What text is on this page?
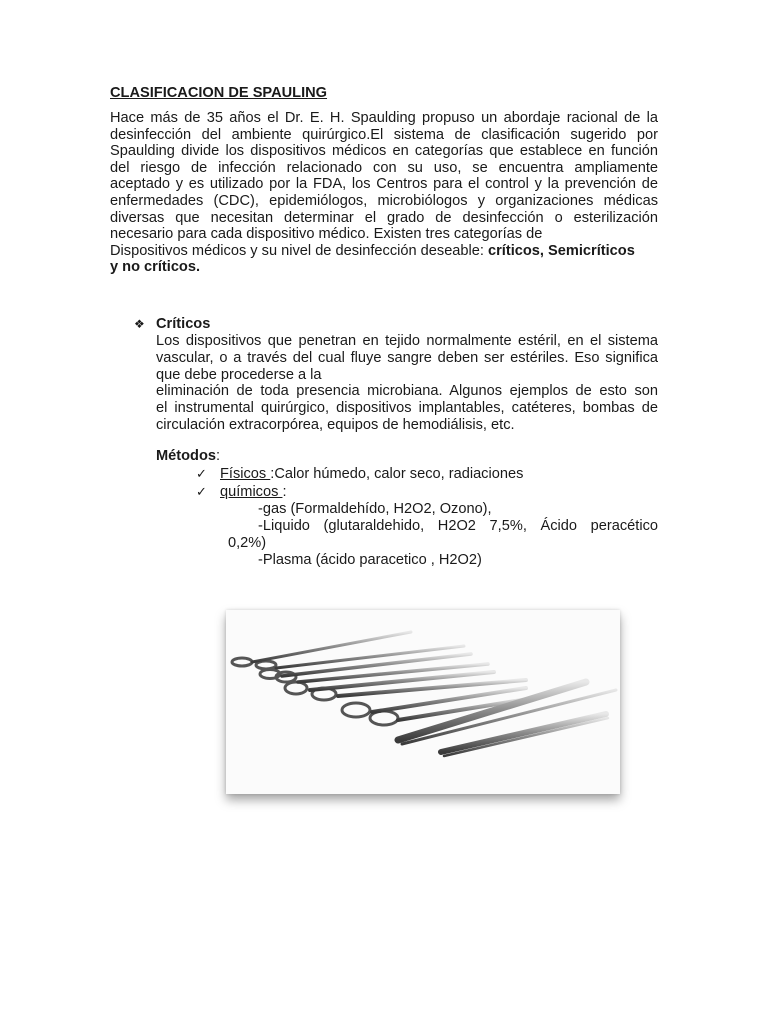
CLASIFICACION DE SPAULING

Hace más de 35 años el Dr. E. H. Spaulding propuso un abordaje racional de la
desinfección del ambiente quirúrgico.El sistema de clasificación sugerido por
Spaulding divide los dispositivos médicos en categorías que establece en función
del riesgo de infección relacionado con su uso, se encuentra ampliamente
aceptado y es utilizado por la FDA, los Centros para el control y la prevención de
enfermedades (CDC), epidemiólogos, microbiólogos y organizaciones médicas
diversas que necesitan determinar el grado de desinfección o esterilización
necesario para cada dispositivo médico. Existen tres categorías de
Dispositivos médicos y su nivel de desinfección deseable: críticos, Semicríticos
y no críticos.
❖ Críticos
Los dispositivos que penetran en tejido normalmente estéril, en el sistema
vascular, o a través del cual fluye sangre deben ser estériles. Eso significa
que debe procederse a la
eliminación de toda presencia microbiana. Algunos ejemplos de esto son
el instrumental quirúrgico, dispositivos implantables, catéteres, bombas de
circulación extracorpórea, equipos de hemodiálisis, etc.
Métodos:
✓ Físicos :Calor húmedo, calor seco, radiaciones
✓ químicos :
-gas (Formaldehído, H2O2, Ozono),
-Liquido (glutaraldehido, H2O2 7,5%, Ácido peracético
0,2%)
-Plasma (ácido paracetico , H2O2)
